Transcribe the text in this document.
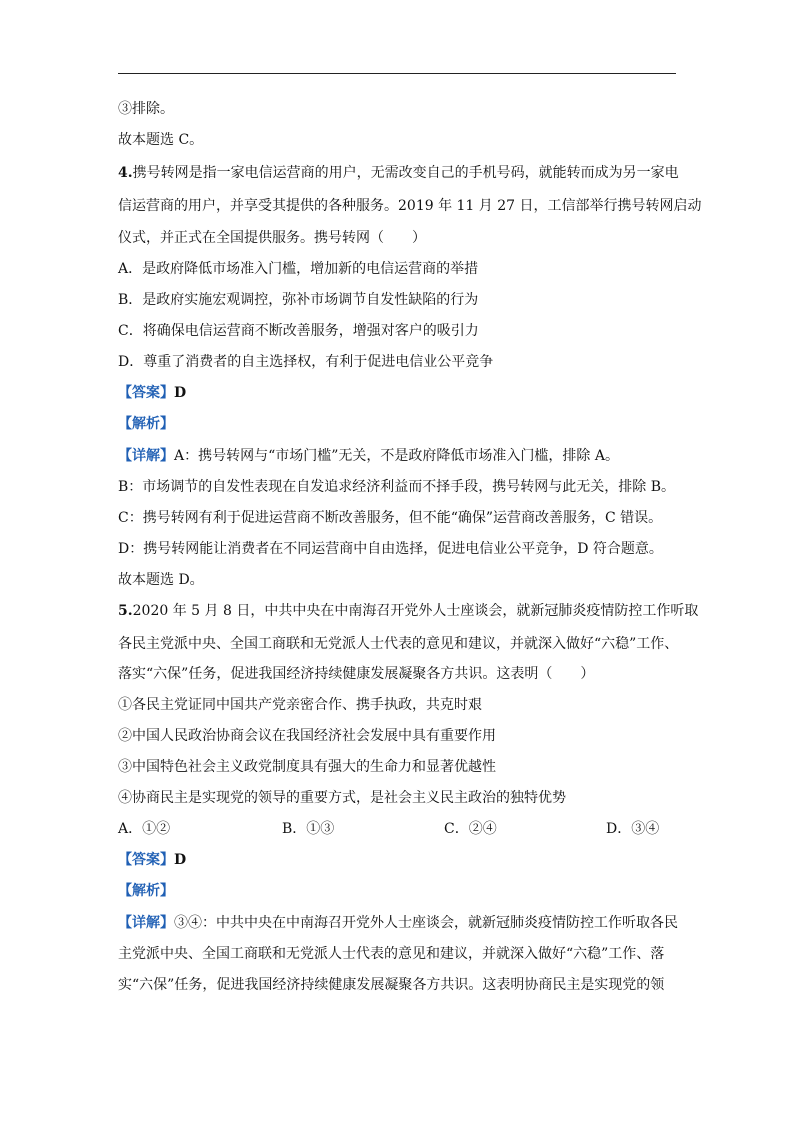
③排除。
故本题选 C。
4.携号转网是指一家电信运营商的用户，无需改变自己的手机号码，就能转而成为另一家电
信运营商的用户，并享受其提供的各种服务。2019 年 11 月 27 日，工信部举行携号转网启动
仪式，并正式在全国提供服务。携号转网（　　）
A．是政府降低市场准入门槛，增加新的电信运营商的举措
B．是政府实施宏观调控，弥补市场调节自发性缺陷的行为
C．将确保电信运营商不断改善服务，增强对客户的吸引力
D．尊重了消费者的自主选择权，有利于促进电信业公平竞争
【答案】D
【解析】
【详解】A：携号转网与“市场门槛”无关，不是政府降低市场准入门槛，排除 A。
B：市场调节的自发性表现在自发追求经济利益而不择手段，携号转网与此无关，排除 B。
C：携号转网有利于促进运营商不断改善服务，但不能“确保”运营商改善服务，C 错误。
D：携号转网能让消费者在不同运营商中自由选择，促进电信业公平竞争，D 符合题意。
故本题选 D。
5.2020 年 5 月 8 日，中共中央在中南海召开党外人士座谈会，就新冠肺炎疫情防控工作听取
各民主党派中央、全国工商联和无党派人士代表的意见和建议，并就深入做好“六稳”工作、
落实“六保”任务，促进我国经济持续健康发展凝聚各方共识。这表明（　　）
①各民主党证同中国共产党亲密合作、携手执政，共克时艰
②中国人民政治协商会议在我国经济社会发展中具有重要作用
③中国特色社会主义政党制度具有强大的生命力和显著优越性
④协商民主是实现党的领导的重要方式，是社会主义民主政治的独特优势
A．①②	B．①③	C．②④	D．③④
【答案】D
【解析】
【详解】③④：中共中央在中南海召开党外人士座谈会，就新冠肺炎疫情防控工作听取各民
主党派中央、全国工商联和无党派人士代表的意见和建议，并就深入做好“六稳”工作、落
实“六保”任务，促进我国经济持续健康发展凝聚各方共识。这表明协商民主是实现党的领
